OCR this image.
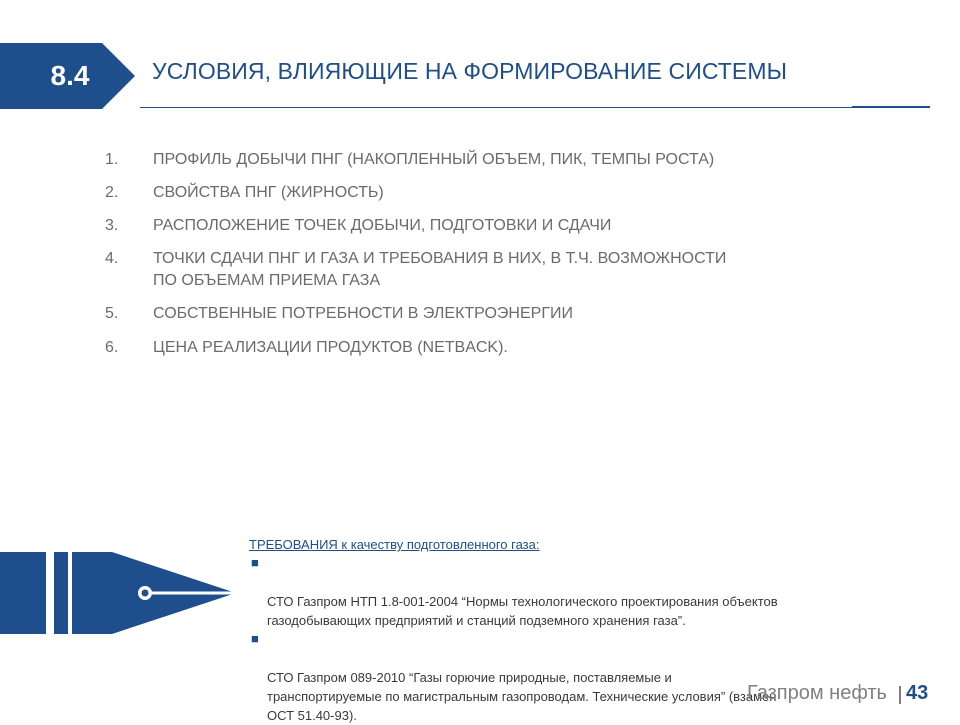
8.4	УСЛОВИЯ, ВЛИЯЮЩИЕ НА ФОРМИРОВАНИЕ СИСТЕМЫ
1.	ПРОФИЛЬ ДОБЫЧИ ПНГ (НАКОПЛЕННЫЙ ОБЪЕМ, ПИК, ТЕМПЫ РОСТА)
2.	СВОЙСТВА ПНГ (ЖИРНОСТЬ)
3.	РАСПОЛОЖЕНИЕ ТОЧЕК ДОБЫЧИ, ПОДГОТОВКИ И СДАЧИ
4.	ТОЧКИ СДАЧИ ПНГ И ГАЗА И ТРЕБОВАНИЯ В НИХ, В Т.Ч. ВОЗМОЖНОСТИ
ПО ОБЪЕМАМ ПРИЕМА ГАЗА
5.	СОБСТВЕННЫЕ ПОТРЕБНОСТИ В ЭЛЕКТРОЭНЕРГИИ
6.	ЦЕНА РЕАЛИЗАЦИИ ПРОДУКТОВ (NETBACK).
ТРЕБОВАНИЯ к качеству подготовленного газа:

■

СТО Газпром НТП 1.8-001-2004 “Нормы технологического проектирования объектов
газодобывающих предприятий и станций подземного хранения газа”.

■

СТО Газпром 089-2010 “Газы горючие природные, поставляемые и
транспортируемые по магистральным газопроводам. Технические условия” (взамен
ОСТ 51.40-93).

Газпром нефть 43
